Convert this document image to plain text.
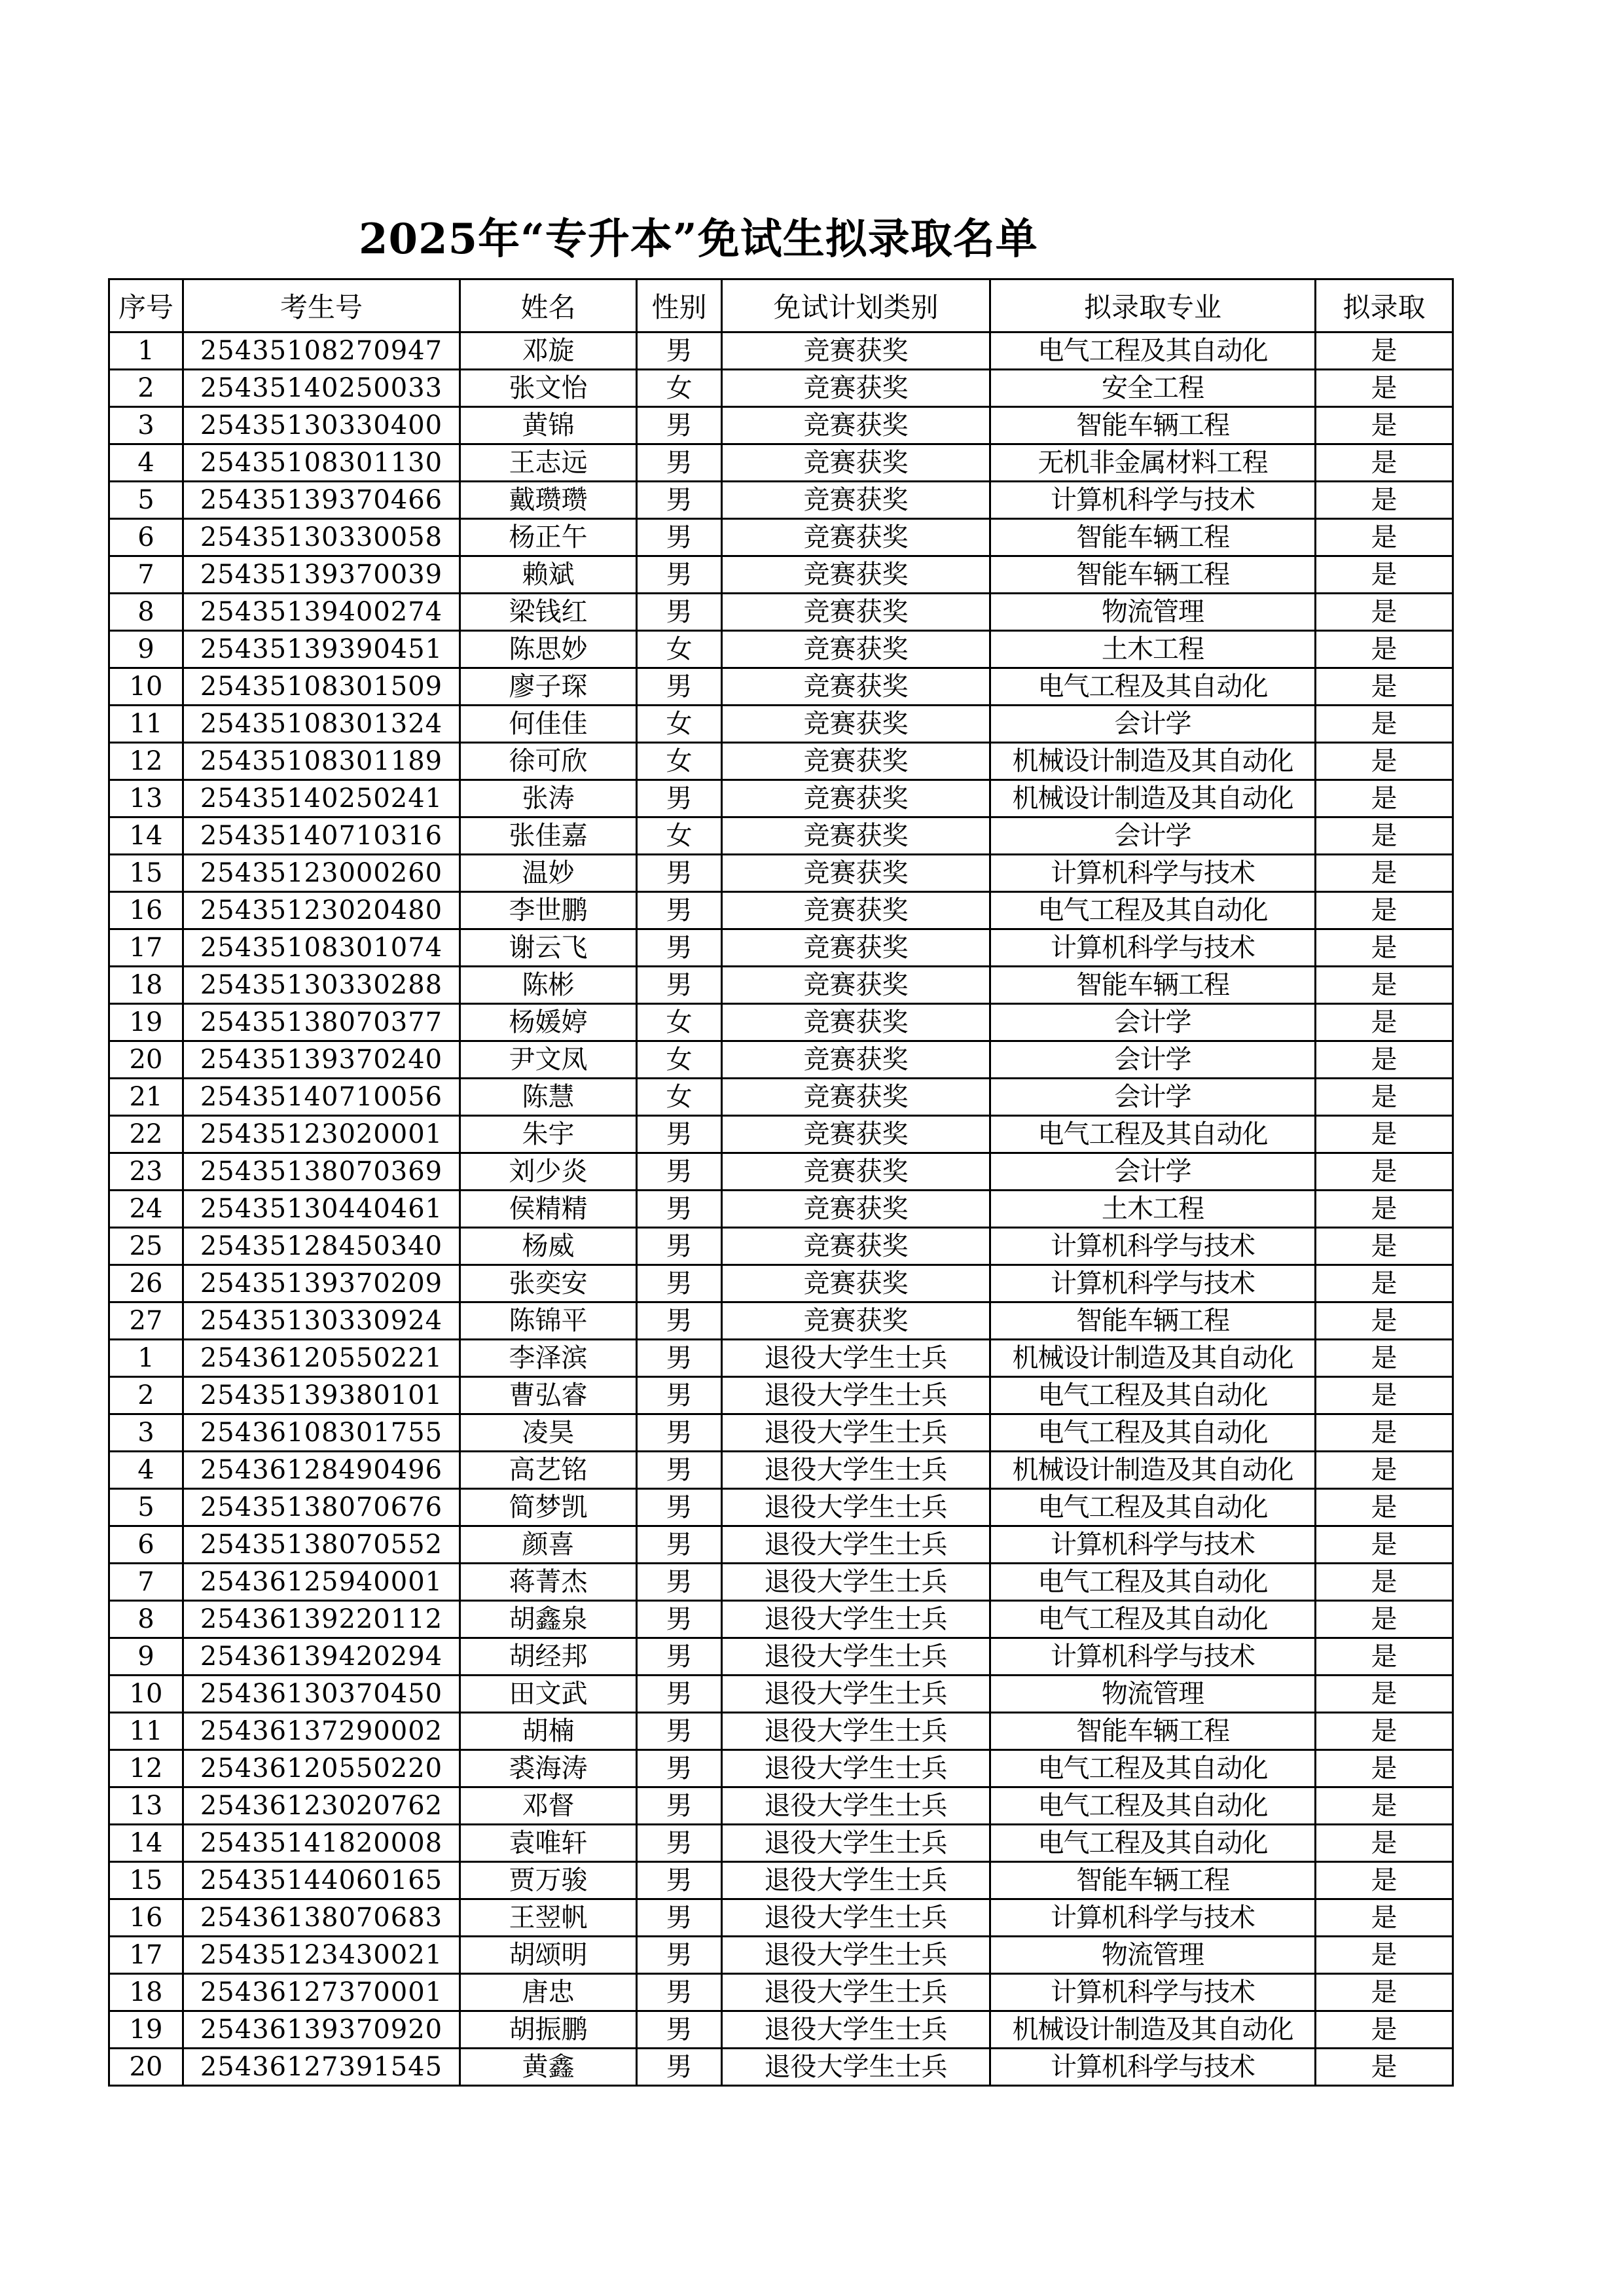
2025年“专升本”免试生拟录取名单
序号	考生号	姓名	性别	免试计划类别	拟录取专业	拟录取
1	25435108270947	邓旋	男	竞赛获奖	电气工程及其自动化	是
2	25435140250033	张文怡	女	竞赛获奖	安全工程	是
3	25435130330400	黄锦	男	竞赛获奖	智能车辆工程	是
4	25435108301130	王志远	男	竞赛获奖	无机非金属材料工程	是
5	25435139370466	戴瓒瓒	男	竞赛获奖	计算机科学与技术	是
6	25435130330058	杨正午	男	竞赛获奖	智能车辆工程	是
7	25435139370039	赖斌	男	竞赛获奖	智能车辆工程	是
8	25435139400274	梁钱红	男	竞赛获奖	物流管理	是
9	25435139390451	陈思妙	女	竞赛获奖	土木工程	是
10	25435108301509	廖子琛	男	竞赛获奖	电气工程及其自动化	是
11	25435108301324	何佳佳	女	竞赛获奖	会计学	是
12	25435108301189	徐可欣	女	竞赛获奖	机械设计制造及其自动化	是
13	25435140250241	张涛	男	竞赛获奖	机械设计制造及其自动化	是
14	25435140710316	张佳嘉	女	竞赛获奖	会计学	是
15	25435123000260	温妙	男	竞赛获奖	计算机科学与技术	是
16	25435123020480	李世鹏	男	竞赛获奖	电气工程及其自动化	是
17	25435108301074	谢云飞	男	竞赛获奖	计算机科学与技术	是
18	25435130330288	陈彬	男	竞赛获奖	智能车辆工程	是
19	25435138070377	杨媛婷	女	竞赛获奖	会计学	是
20	25435139370240	尹文凤	女	竞赛获奖	会计学	是
21	25435140710056	陈慧	女	竞赛获奖	会计学	是
22	25435123020001	朱宇	男	竞赛获奖	电气工程及其自动化	是
23	25435138070369	刘少炎	男	竞赛获奖	会计学	是
24	25435130440461	侯精精	男	竞赛获奖	土木工程	是
25	25435128450340	杨威	男	竞赛获奖	计算机科学与技术	是
26	25435139370209	张奕安	男	竞赛获奖	计算机科学与技术	是
27	25435130330924	陈锦平	男	竞赛获奖	智能车辆工程	是
1	25436120550221	李泽滨	男	退役大学生士兵	机械设计制造及其自动化	是
2	25435139380101	曹弘睿	男	退役大学生士兵	电气工程及其自动化	是
3	25436108301755	凌昊	男	退役大学生士兵	电气工程及其自动化	是
4	25436128490496	高艺铭	男	退役大学生士兵	机械设计制造及其自动化	是
5	25435138070676	简梦凯	男	退役大学生士兵	电气工程及其自动化	是
6	25435138070552	颜喜	男	退役大学生士兵	计算机科学与技术	是
7	25436125940001	蒋菁杰	男	退役大学生士兵	电气工程及其自动化	是
8	25436139220112	胡鑫泉	男	退役大学生士兵	电气工程及其自动化	是
9	25436139420294	胡经邦	男	退役大学生士兵	计算机科学与技术	是
10	25436130370450	田文武	男	退役大学生士兵	物流管理	是
11	25436137290002	胡楠	男	退役大学生士兵	智能车辆工程	是
12	25436120550220	裘海涛	男	退役大学生士兵	电气工程及其自动化	是
13	25436123020762	邓督	男	退役大学生士兵	电气工程及其自动化	是
14	25435141820008	袁唯轩	男	退役大学生士兵	电气工程及其自动化	是
15	25435144060165	贾万骏	男	退役大学生士兵	智能车辆工程	是
16	25436138070683	王翌帆	男	退役大学生士兵	计算机科学与技术	是
17	25435123430021	胡颂明	男	退役大学生士兵	物流管理	是
18	25436127370001	唐忠	男	退役大学生士兵	计算机科学与技术	是
19	25436139370920	胡振鹏	男	退役大学生士兵	机械设计制造及其自动化	是
20	25436127391545	黄鑫	男	退役大学生士兵	计算机科学与技术	是
